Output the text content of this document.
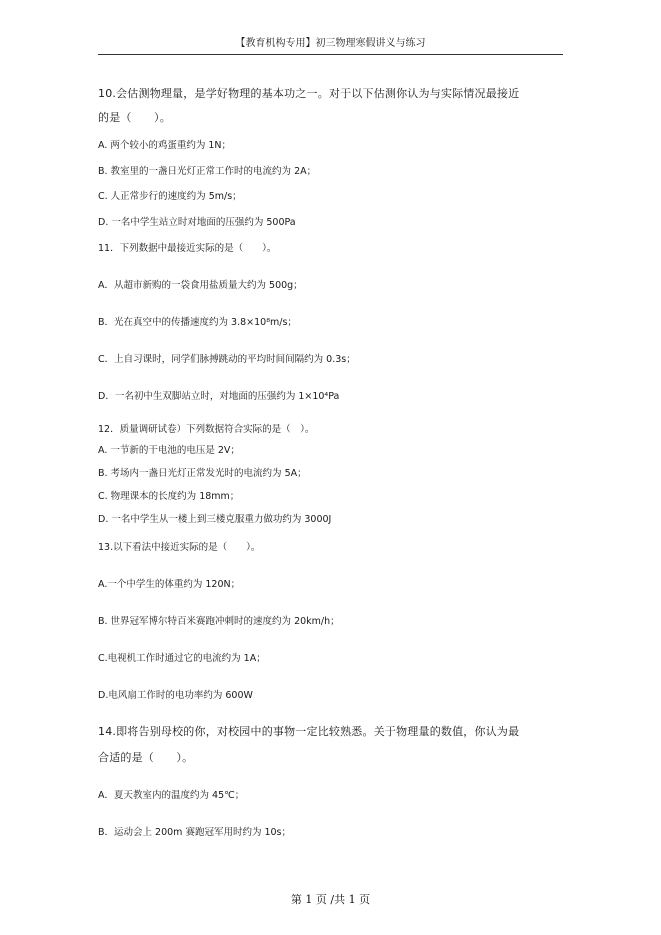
【教育机构专用】初三物理寒假讲义与练习
10.会估测物理量，是学好物理的基本功之一。对于以下估测你认为与实际情况最接近
的是（　　）。
A. 两个较小的鸡蛋重约为 1N；
B. 教室里的一盏日光灯正常工作时的电流约为 2A；
C. 人正常步行的速度约为 5m/s；
D. 一名中学生站立时对地面的压强约为 500Pa
11．下列数据中最接近实际的是（　　）。
A．从超市新购的一袋食用盐质量大约为 500g；
B．光在真空中的传播速度约为 3.8×10⁸m/s；
C．上自习课时，同学们脉搏跳动的平均时间间隔约为 0.3s；
D．一名初中生双脚站立时，对地面的压强约为 1×10⁴Pa
12．质量调研试卷）下列数据符合实际的是（　）。
A. 一节新的干电池的电压是 2V；
B. 考场内一盏日光灯正常发光时的电流约为 5A；
C. 物理课本的长度约为 18mm；
D. 一名中学生从一楼上到三楼克服重力做功约为 3000J
13.以下看法中接近实际的是（　　）。
A.一个中学生的体重约为 120N；
B. 世界冠军博尔特百米赛跑冲刺时的速度约为 20km/h；
C.电视机工作时通过它的电流约为 1A；
D.电风扇工作时的电功率约为 600W
14.即将告别母校的你，对校园中的事物一定比较熟悉。关于物理量的数值，你认为最
合适的是（　　）。
A．夏天教室内的温度约为 45℃；
B．运动会上 200m 赛跑冠军用时约为 10s；
第 1 页 /共 1 页
